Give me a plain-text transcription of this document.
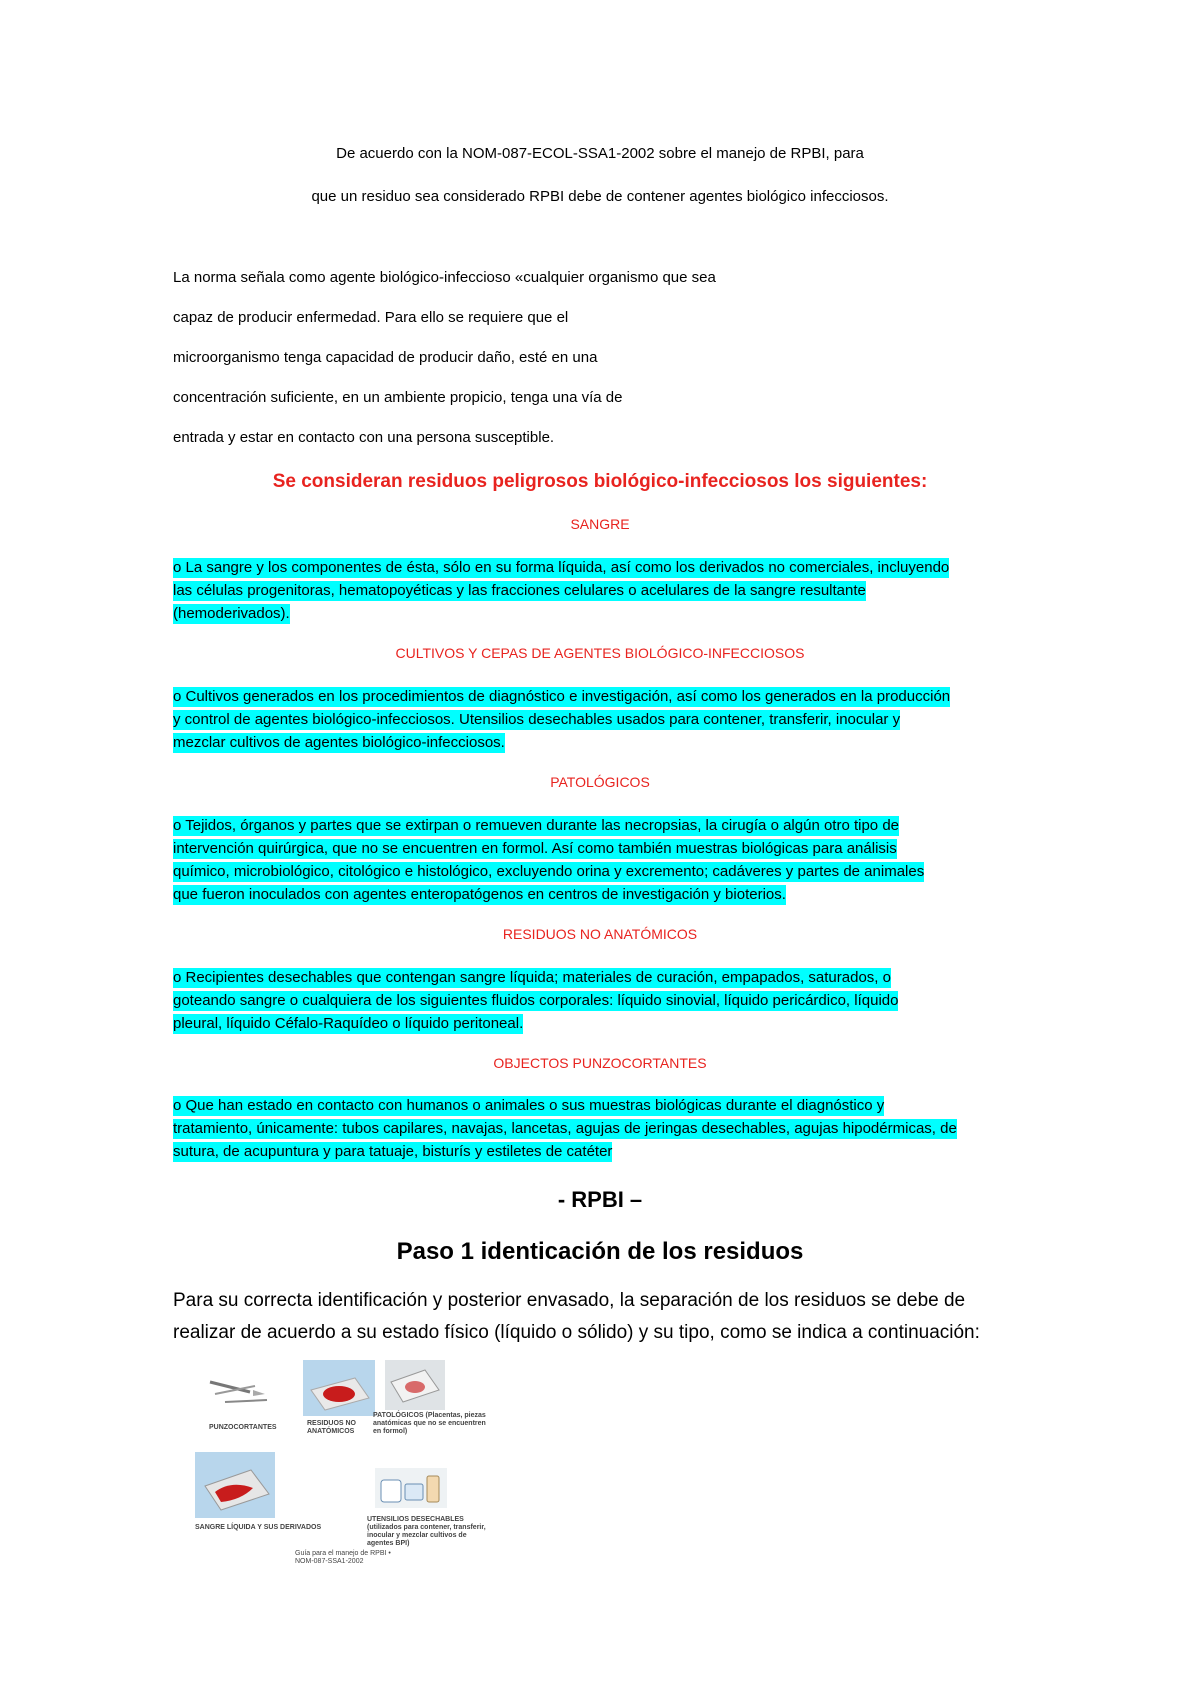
De acuerdo con la NOM-087-ECOL-SSA1-2002 sobre el manejo de RPBI, para
que un residuo sea considerado RPBI debe de contener agentes biológico infecciosos.
La norma señala como agente biológico-infeccioso «cualquier organismo que sea
capaz de producir enfermedad. Para ello se requiere que el
microorganismo tenga capacidad de producir daño, esté en una
concentración suficiente, en un ambiente propicio, tenga una vía de
entrada y estar en contacto con una persona susceptible.
Se consideran residuos peligrosos biológico-infecciosos los siguientes:
SANGRE
o La sangre y los componentes de ésta, sólo en su forma líquida, así como los derivados no comerciales, incluyendo
las células progenitoras, hematopoyéticas y las fracciones celulares o acelulares de la sangre resultante
(hemoderivados).
CULTIVOS Y CEPAS DE AGENTES BIOLÓGICO-INFECCIOSOS
o Cultivos generados en los procedimientos de diagnóstico e investigación, así como los generados en la producción
y control de agentes biológico-infecciosos. Utensilios desechables usados para contener, transferir, inocular y
mezclar cultivos de agentes biológico-infecciosos.
PATOLÓGICOS
o Tejidos, órganos y partes que se extirpan o remueven durante las necropsias, la cirugía o algún otro tipo de
intervención quirúrgica, que no se encuentren en formol. Así como también muestras biológicas para análisis
químico, microbiológico, citológico e histológico, excluyendo orina y excremento; cadáveres y partes de animales
que fueron inoculados con agentes enteropatógenos en centros de investigación y bioterios.
RESIDUOS NO ANATÓMICOS
o Recipientes desechables que contengan sangre líquida; materiales de curación, empapados, saturados, o
goteando sangre o cualquiera de los siguientes fluidos corporales: líquido sinovial, líquido pericárdico, líquido
pleural, líquido Céfalo-Raquídeo o líquido peritoneal.
OBJECTOS PUNZOCORTANTES
o Que han estado en contacto con humanos o animales o sus muestras biológicas durante el diagnóstico y
tratamiento, únicamente: tubos capilares, navajas, lancetas, agujas de jeringas desechables, agujas hipodérmicas, de
sutura, de acupuntura y para tatuaje, bisturís y estiletes de catéter
- RPBI –
Paso 1 identicación de los residuos
Para su correcta identificación y posterior envasado, la separación de los residuos se debe de
realizar de acuerdo a su estado físico (líquido o sólido) y su tipo, como se indica a continuación:
PUNZOCORTANTES
RESIDUOS NO ANATÓMICOS
PATOLÓGICOS (Placentas, piezas anatómicas que no se encuentren en formol)
SANGRE LÍQUIDA Y SUS DERIVADOS
UTENSILIOS DESECHABLES (utilizados para contener, transferir, inocular y mezclar cultivos de agentes BPI)
Guía para el manejo de RPBI • NOM-087-SSA1-2002
